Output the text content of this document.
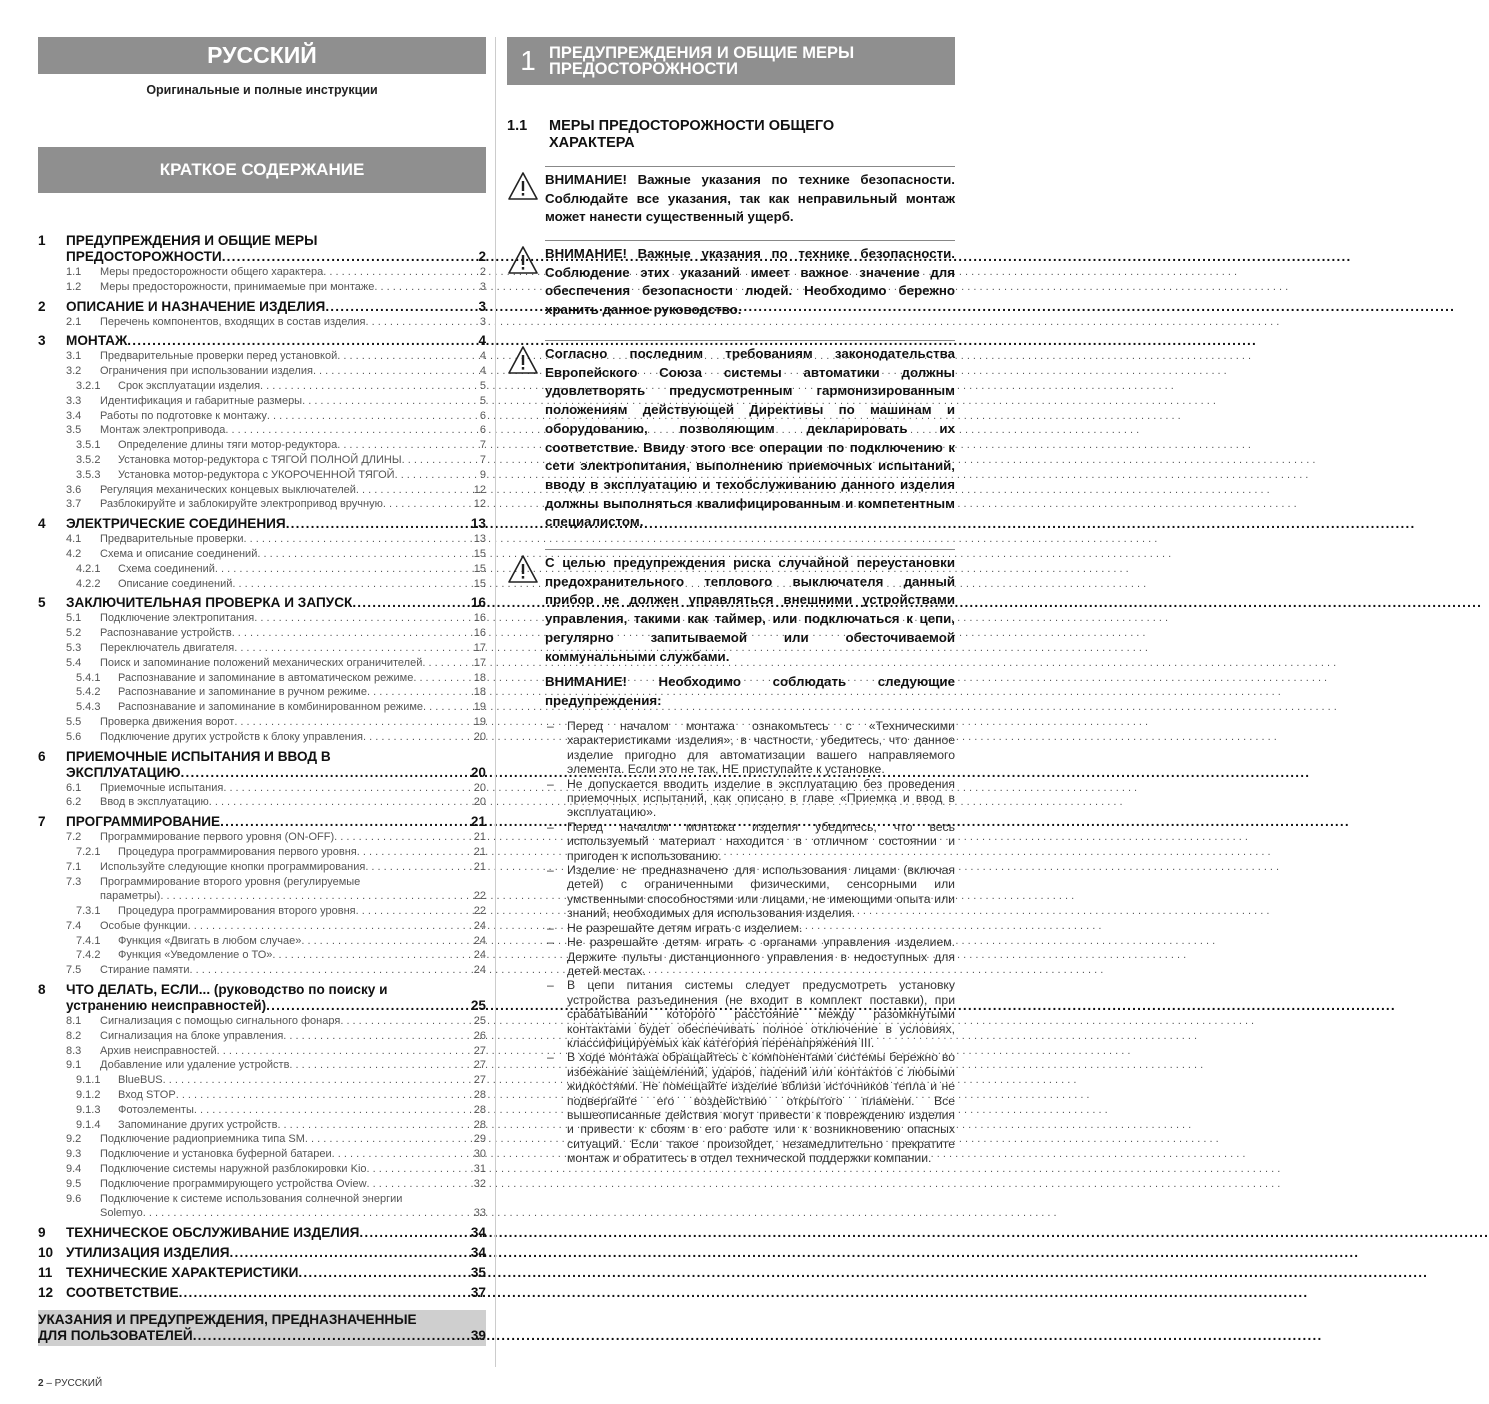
РУССКИЙ
Оригинальные и полные инструкции
КРАТКОЕ СОДЕРЖАНИЕ
1	ПРЕДУПРЕЖДЕНИЯ И ОБЩИЕ МЕРЫ
ПРЕДОСТОРОЖНОСТИ .....	2
1.1	Меры предосторожности общего характера . . .	2
1.2	Меры предосторожности, принимаемые при монтаже . . .	3
2	ОПИСАНИЕ И НАЗНАЧЕНИЕ ИЗДЕЛИЯ .....	3
2.1	Перечень компонентов, входящих в состав изделия . . .	3
3	МОНТАЖ .....	4
3.1	Предварительные проверки перед установкой . . .	4
3.2	Ограничения при использовании изделия . . .	4
3.2.1	Срок эксплуатации изделия . . .	5
3.3	Идентификация и габаритные размеры . . .	5
3.4	Работы по подготовке к монтажу . . .	6
3.5	Монтаж электропривода . . .	6
3.5.1	Определение длины тяги мотор-редуктора . . .	7
3.5.2	Установка мотор-редуктора с ТЯГОЙ ПОЛНОЙ ДЛИНЫ . . .	7
3.5.3	Установка мотор-редуктора с УКОРОЧЕННОЙ ТЯГОЙ . . .	9
3.6	Регуляция механических концевых выключателей . . .	12
3.7	Разблокируйте и заблокируйте электропривод вручную . . .	12
4	ЭЛЕКТРИЧЕСКИЕ СОЕДИНЕНИЯ .....	13
4.1	Предварительные проверки . . .	13
4.2	Схема и описание соединений . . .	15
4.2.1	Схема соединений . . .	15
4.2.2	Описание соединений . . .	15
5	ЗАКЛЮЧИТЕЛЬНАЯ ПРОВЕРКА И ЗАПУСК .....	16
5.1	Подключение электропитания . . .	16
5.2	Распознавание устройств . . .	16
5.3	Переключатель двигателя . . .	17
5.4	Поиск и запоминание положений механических ограничителей . . .	17
5.4.1	Распознавание и запоминание в автоматическом режиме . . .	18
5.4.2	Распознавание и запоминание в ручном режиме . . .	18
5.4.3	Распознавание и запоминание в комбинированном режиме . . .	19
5.5	Проверка движения ворот . . .	19
5.6	Подключение других устройств к блоку управления . . .	20
6	ПРИЕМОЧНЫЕ ИСПЫТАНИЯ И ВВОД В
ЭКСПЛУАТАЦИЮ .....	20
6.1	Приемочные испытания . . .	20
6.2	Ввод в эксплуатацию . . .	20
7	ПРОГРАММИРОВАНИЕ .....	21
7.2	Программирование первого уровня (ON-OFF) . . .	21
7.2.1	Процедура программирования первого уровня . . .	21
7.1	Используйте следующие кнопки программирования . . .	21
7.3	Программирование второго уровня (регулируемые
параметры) . . .	22
7.3.1	Процедура программирования второго уровня . . .	22
7.4	Особые функции . . .	24
7.4.1	Функция «Двигать в любом случае» . . .	24
7.4.2	Функция «Уведомление о ТО» . . .	24
7.5	Стирание памяти . . .	24
8	ЧТО ДЕЛАТЬ, ЕСЛИ... (руководство по поиску и
устранению неисправностей) .....	25
8.1	Сигнализация с помощью сигнального фонаря . . .	25
8.2	Сигнализация на блоке управления . . .	26
8.3	Архив неисправностей . . .	27
9.1	Добавление или удаление устройств . . .	27
9.1.1	BlueBUS . . .	27
9.1.2	Вход STOP . . .	28
9.1.3	Фотоэлементы . . .	28
9.1.4	Запоминание других устройств . . .	28
9.2	Подключение радиоприемника типа SM . . .	29
9.3	Подключение и установка буферной батареи . . .	30
9.4	Подключение системы наружной разблокировки Kio . . .	31
9.5	Подключение программирующего устройства Oview . . .	32
9.6	Подключение к системе использования солнечной энергии
Solemyo . . .	33
9	ТЕХНИЧЕСКОЕ ОБСЛУЖИВАНИЕ ИЗДЕЛИЯ .....	34
10 УТИЛИЗАЦИЯ ИЗДЕЛИЯ .....	34
11	ТЕХНИЧЕСКИЕ ХАРАКТЕРИСТИКИ .....	35
12 СООТВЕТСТВИЕ .....	37
УКАЗАНИЯ И ПРЕДУПРЕЖДЕНИЯ, ПРЕДНАЗНАЧЕННЫЕ
ДЛЯ ПОЛЬЗОВАТЕЛЕЙ .....	39
2 – РУССКИЙ
1 ПРЕДУПРЕЖДЕНИЯ И ОБЩИЕ МЕРЫ
ПРЕДОСТОРОЖНОСТИ
1.1	МЕРЫ ПРЕДОСТОРОЖНОСТИ ОБЩЕГО
ХАРАКТЕРА
ВНИМАНИЕ! Важные указания по технике безопасности. Соблюдайте все указания, так как неправильный монтаж может нанести существенный ущерб.
ВНИМАНИЕ! Важные указания по технике безопасности. Соблюдение этих указаний имеет важное значение для обеспечения безопасности людей. Необходимо бережно хранить данное руководство.
Согласно последним требованиям законодательства Европейского Союза системы автоматики должны удовлетворять предусмотренным гармонизированным положениям действующей Директивы по машинам и оборудованию, позволяющим декларировать их соответствие. Ввиду этого все операции по подключению к сети электропитания, выполнению приемочных испытаний, вводу в эксплуатацию и техобслуживанию данного изделия должны выполняться квалифицированным и компетентным специалистом.
С целью предупреждения риска случайной переустановки предохранительного теплового выключателя данный прибор не должен управляться внешними устройствами управления, такими как таймер, или подключаться к цепи, регулярно запитываемой или обесточиваемой коммунальными службами.
ВНИМАНИЕ! Необходимо соблюдать следующие предупреждения:
– Перед началом монтажа ознакомьтесь с «Техническими характеристиками изделия», в частности, убедитесь, что данное изделие пригодно для автоматизации вашего направляемого элемента. Если это не так, НЕ приступайте к установке.
– Не допускается вводить изделие в эксплуатацию без проведения приемочных испытаний, как описано в главе «Приемка и ввод в эксплуатацию».
– Перед началом монтажа изделия убедитесь, что весь используемый материал находится в отличном состоянии и пригоден к использованию.
– Изделие не предназначено для использования лицами (включая детей) с ограниченными физическими, сенсорными или умственными способностями или лицами, не имеющими опыта или знаний, необходимых для использования изделия.
– Не разрешайте детям играть с изделием.
– Не разрешайте детям играть с органами управления изделием. Держите пульты дистанционного управления в недоступных для детей местах.
– В цепи питания системы следует предусмотреть установку устройства разъединения (не входит в комплект поставки), при срабатывании которого расстояние между разомкнутыми контактами будет обеспечивать полное отключение в условиях, классифицируемых как категория перенапряжения III.
– В ходе монтажа обращайтесь с компонентами системы бережно во избежание защемлений, ударов, падений или контактов с любыми жидкостями. Не помещайте изделие вблизи источников тепла и не подвергайте его воздействию открытого пламени. Все вышеописанные действия могут привести к повреждению изделия и привести к сбоям в его работе или к возникновению опасных ситуаций. Если такое произойдет, незамедлительно прекратите монтаж и обратитесь в отдел технической поддержки компании.
